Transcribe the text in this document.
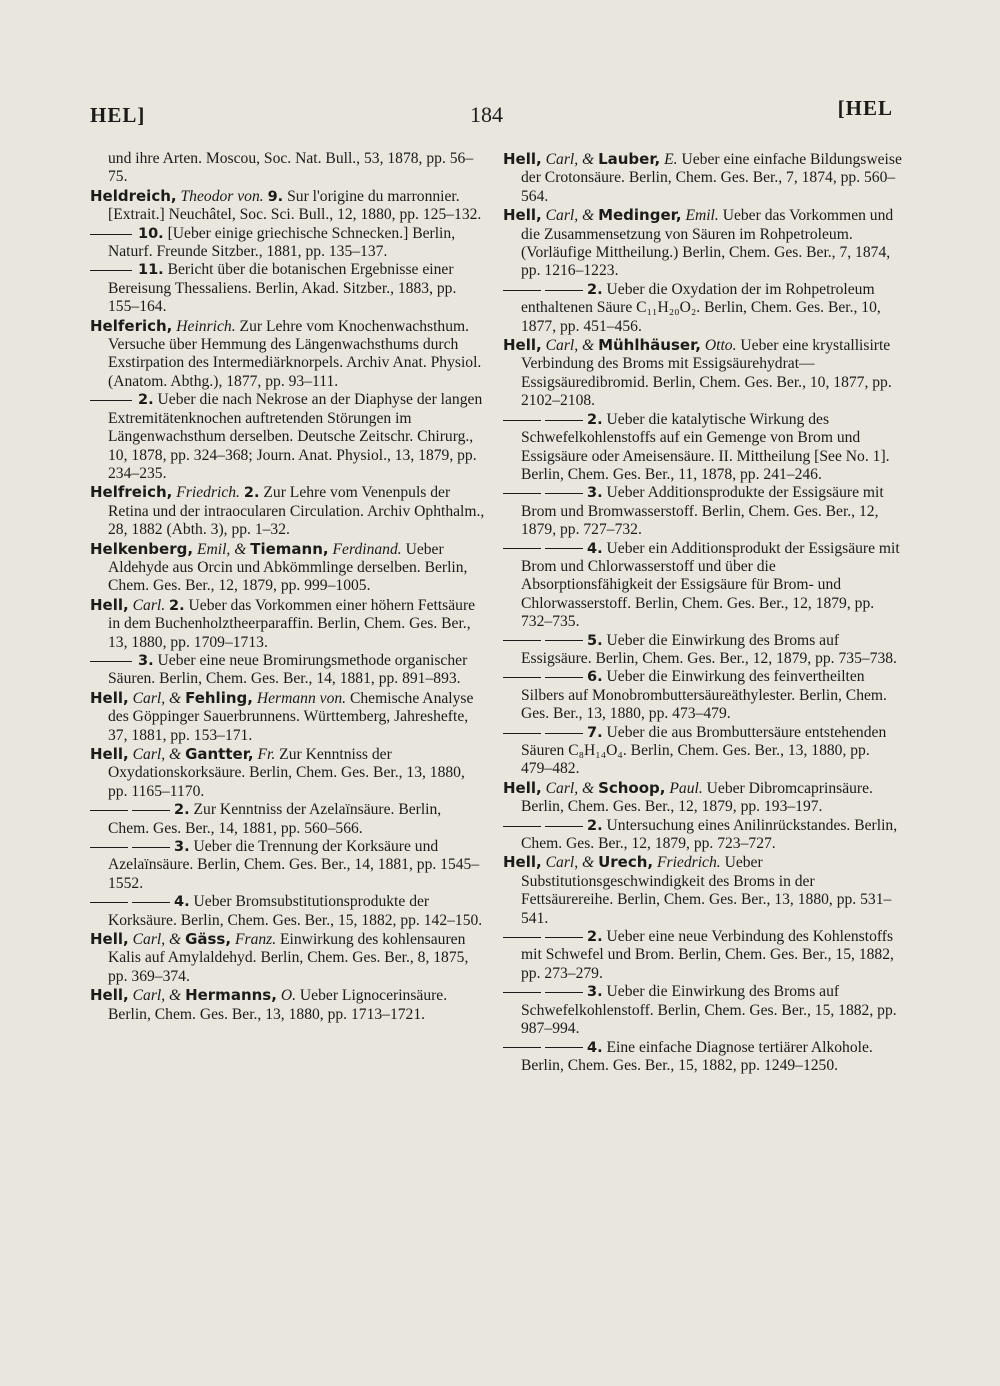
HEL]	184	[HEL
und ihre Arten. Moscou, Soc. Nat. Bull., 53, 1878, pp. 56–75.
Heldreich, Theodor von. 9. Sur l'origine du marronnier. [Extrait.] Neuchâtel, Soc. Sci. Bull., 12, 1880, pp. 125–132.
10. [Ueber einige griechische Schnecken.] Berlin, Naturf. Freunde Sitzber., 1881, pp. 135–137.
11. Bericht über die botanischen Ergebnisse einer Bereisung Thessaliens. Berlin, Akad. Sitzber., 1883, pp. 155–164.
Helferich, Heinrich. Zur Lehre vom Knochenwachsthum. Versuche über Hemmung des Längenwachsthums durch Exstirpation des Intermediärknorpels. Archiv Anat. Physiol. (Anatom. Abthg.), 1877, pp. 93–111.
2. Ueber die nach Nekrose an der Diaphyse der langen Extremitätenknochen auftretenden Störungen im Längenwachsthum derselben. Deutsche Zeitschr. Chirurg., 10, 1878, pp. 324–368; Journ. Anat. Physiol., 13, 1879, pp. 234–235.
Helfreich, Friedrich. 2. Zur Lehre vom Venenpuls der Retina und der intraocularen Circulation. Archiv Ophthalm., 28, 1882 (Abth. 3), pp. 1–32.
Helkenberg, Emil, & Tiemann, Ferdinand. Ueber Aldehyde aus Orcin und Abkömmlinge derselben. Berlin, Chem. Ges. Ber., 12, 1879, pp. 999–1005.
Hell, Carl. 2. Ueber das Vorkommen einer höhern Fettsäure in dem Buchenholztheerparaffin. Berlin, Chem. Ges. Ber., 13, 1880, pp. 1709–1713.
3. Ueber eine neue Bromirungsmethode organischer Säuren. Berlin, Chem. Ges. Ber., 14, 1881, pp. 891–893.
Hell, Carl, & Fehling, Hermann von. Chemische Analyse des Göppinger Sauerbrunnens. Württemberg, Jahreshefte, 37, 1881, pp. 153–171.
Hell, Carl, & Gantter, Fr. Zur Kenntniss der Oxydationskorksäure. Berlin, Chem. Ges. Ber., 13, 1880, pp. 1165–1170.
2. Zur Kenntniss der Azelaïnsäure. Berlin, Chem. Ges. Ber., 14, 1881, pp. 560–566.
3. Ueber die Trennung der Korksäure und Azelaïnsäure. Berlin, Chem. Ges. Ber., 14, 1881, pp. 1545–1552.
4. Ueber Bromsubstitutionsprodukte der Korksäure. Berlin, Chem. Ges. Ber., 15, 1882, pp. 142–150.
Hell, Carl, & Gäss, Franz. Einwirkung des kohlensauren Kalis auf Amylaldehyd. Berlin, Chem. Ges. Ber., 8, 1875, pp. 369–374.
Hell, Carl, & Hermanns, O. Ueber Lignocerinsäure. Berlin, Chem. Ges. Ber., 13, 1880, pp. 1713–1721.
Hell, Carl, & Lauber, E. Ueber eine einfache Bildungsweise der Crotonsäure. Berlin, Chem. Ges. Ber., 7, 1874, pp. 560–564.
Hell, Carl, & Medinger, Emil. Ueber das Vorkommen und die Zusammensetzung von Säuren im Rohpetroleum. (Vorläufige Mittheilung.) Berlin, Chem. Ges. Ber., 7, 1874, pp. 1216–1223.
2. Ueber die Oxydation der im Rohpetroleum enthaltenen Säure C₁₁H₂₀O₂. Berlin, Chem. Ges. Ber., 10, 1877, pp. 451–456.
Hell, Carl, & Mühlhäuser, Otto. Ueber eine krystallisirte Verbindung des Broms mit Essigsäurehydrat—Essigsäuredibromid. Berlin, Chem. Ges. Ber., 10, 1877, pp. 2102–2108.
2. Ueber die katalytische Wirkung des Schwefelkohlenstoffs auf ein Gemenge von Brom und Essigsäure oder Ameisensäure. II. Mittheilung [See No. 1]. Berlin, Chem. Ges. Ber., 11, 1878, pp. 241–246.
3. Ueber Additionsprodukte der Essigsäure mit Brom und Bromwasserstoff. Berlin, Chem. Ges. Ber., 12, 1879, pp. 727–732.
4. Ueber ein Additionsprodukt der Essigsäure mit Brom und Chlorwasserstoff und über die Absorptionsfähigkeit der Essigsäure für Brom- und Chlorwasserstoff. Berlin, Chem. Ges. Ber., 12, 1879, pp. 732–735.
5. Ueber die Einwirkung des Broms auf Essigsäure. Berlin, Chem. Ges. Ber., 12, 1879, pp. 735–738.
6. Ueber die Einwirkung des feinvertheilten Silbers auf Monobrombuttersäureäthylester. Berlin, Chem. Ges. Ber., 13, 1880, pp. 473–479.
7. Ueber die aus Brombuttersäure entstehenden Säuren C₈H₁₄O₄. Berlin, Chem. Ges. Ber., 13, 1880, pp. 479–482.
Hell, Carl, & Schoop, Paul. Ueber Dibromcaprinsäure. Berlin, Chem. Ges. Ber., 12, 1879, pp. 193–197.
2. Untersuchung eines Anilinrückstandes. Berlin, Chem. Ges. Ber., 12, 1879, pp. 723–727.
Hell, Carl, & Urech, Friedrich. Ueber Substitutionsgeschwindigkeit des Broms in der Fettsäurereihe. Berlin, Chem. Ges. Ber., 13, 1880, pp. 531–541.
2. Ueber eine neue Verbindung des Kohlenstoffs mit Schwefel und Brom. Berlin, Chem. Ges. Ber., 15, 1882, pp. 273–279.
3. Ueber die Einwirkung des Broms auf Schwefelkohlenstoff. Berlin, Chem. Ges. Ber., 15, 1882, pp. 987–994.
4. Eine einfache Diagnose tertiärer Alkohole. Berlin, Chem. Ges. Ber., 15, 1882, pp. 1249–1250.
